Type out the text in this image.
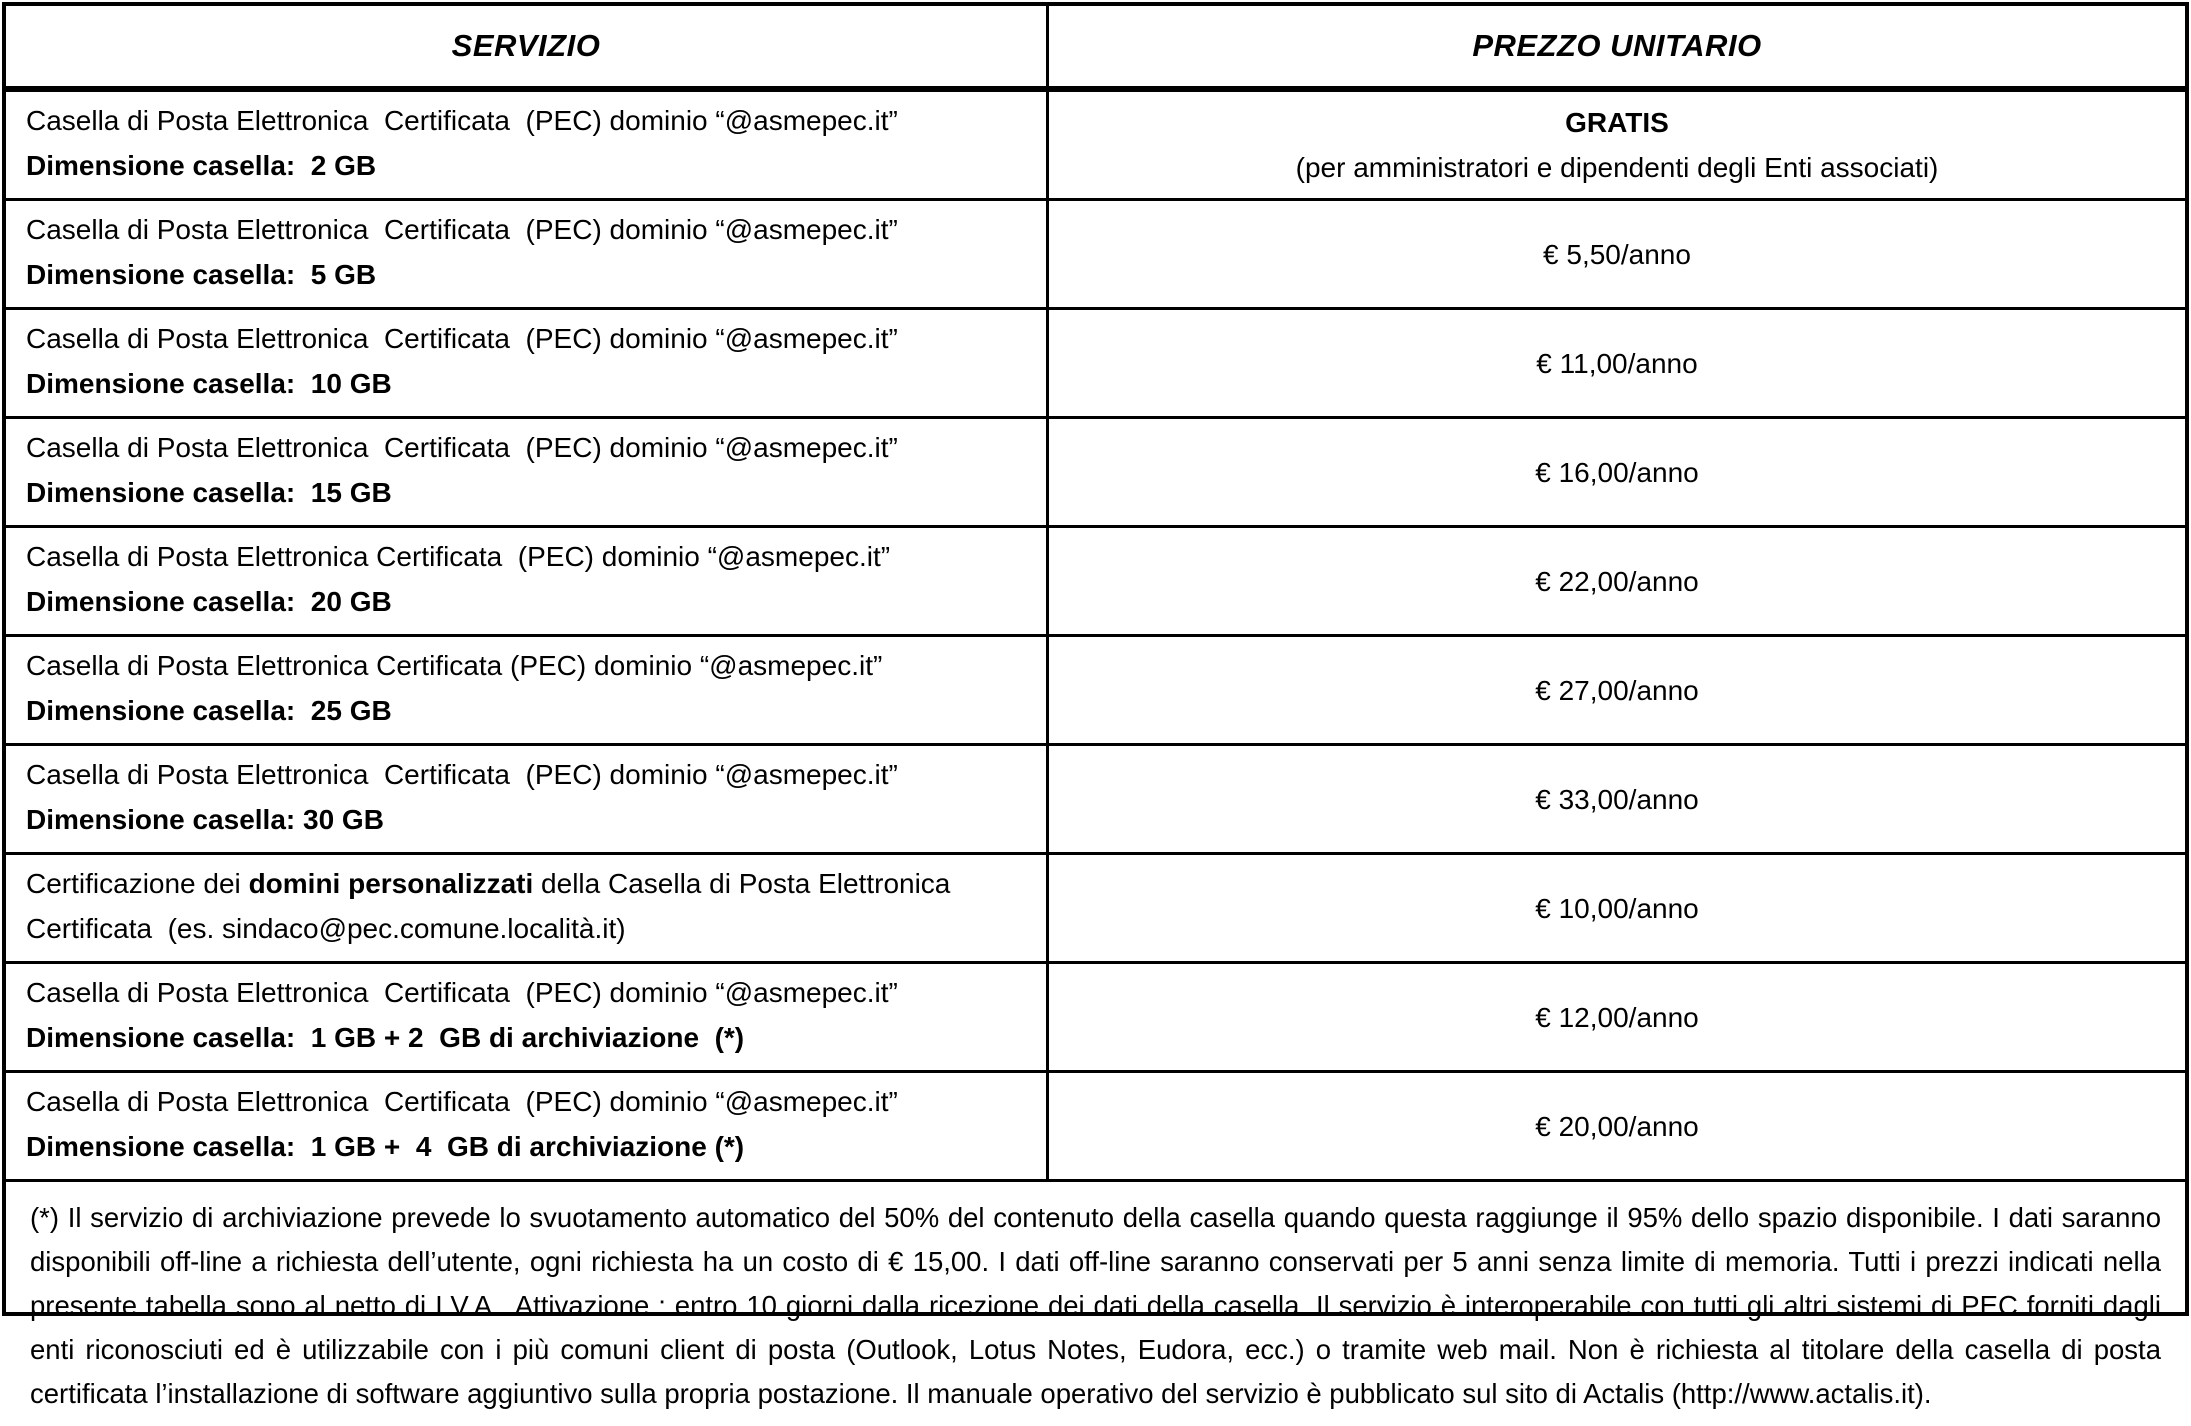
SERVIZIO	PREZZO UNITARIO
Casella di Posta Elettronica  Certificata  (PEC) dominio “@asmepec.it”
Dimensione casella:  2 GB
GRATIS
(per amministratori e dipendenti degli Enti associati)
Casella di Posta Elettronica  Certificata  (PEC) dominio “@asmepec.it”
Dimensione casella:  5 GB
€ 5,50/anno
Casella di Posta Elettronica  Certificata  (PEC) dominio “@asmepec.it”
Dimensione casella:  10 GB
€ 11,00/anno
Casella di Posta Elettronica  Certificata  (PEC) dominio “@asmepec.it”
Dimensione casella:  15 GB
€ 16,00/anno
Casella di Posta Elettronica Certificata  (PEC) dominio “@asmepec.it”
Dimensione casella:  20 GB
€ 22,00/anno
Casella di Posta Elettronica Certificata (PEC) dominio “@asmepec.it”
Dimensione casella:  25 GB
€ 27,00/anno
Casella di Posta Elettronica  Certificata  (PEC) dominio “@asmepec.it”
Dimensione casella: 30 GB
€ 33,00/anno
Certificazione dei domini personalizzati della Casella di Posta Elettronica
Certificata  (es. sindaco@pec.comune.località.it)
€ 10,00/anno
Casella di Posta Elettronica  Certificata  (PEC) dominio “@asmepec.it”
Dimensione casella:  1 GB + 2  GB di archiviazione  (*)
€ 12,00/anno
Casella di Posta Elettronica  Certificata  (PEC) dominio “@asmepec.it”
Dimensione casella:  1 GB +  4  GB di archiviazione (*)
€ 20,00/anno
(*) Il servizio di archiviazione prevede lo svuotamento automatico del 50% del contenuto della casella quando questa raggiunge il 95% dello spazio disponibile. I dati saranno disponibili off-line a richiesta dell’utente, ogni richiesta ha un costo di € 15,00. I dati off-line saranno conservati per 5 anni senza limite di memoria. Tutti i prezzi indicati nella presente tabella sono al netto di I.V.A.. Attivazione : entro 10 giorni dalla ricezione dei dati della casella. Il servizio è interoperabile con tutti gli altri sistemi di PEC forniti dagli enti riconosciuti ed è utilizzabile con i più comuni client di posta (Outlook, Lotus Notes, Eudora, ecc.) o tramite web mail. Non è richiesta al titolare della casella di posta certificata l’installazione di software aggiuntivo sulla propria postazione. Il manuale operativo del servizio è pubblicato sul sito di Actalis (http://www.actalis.it).
